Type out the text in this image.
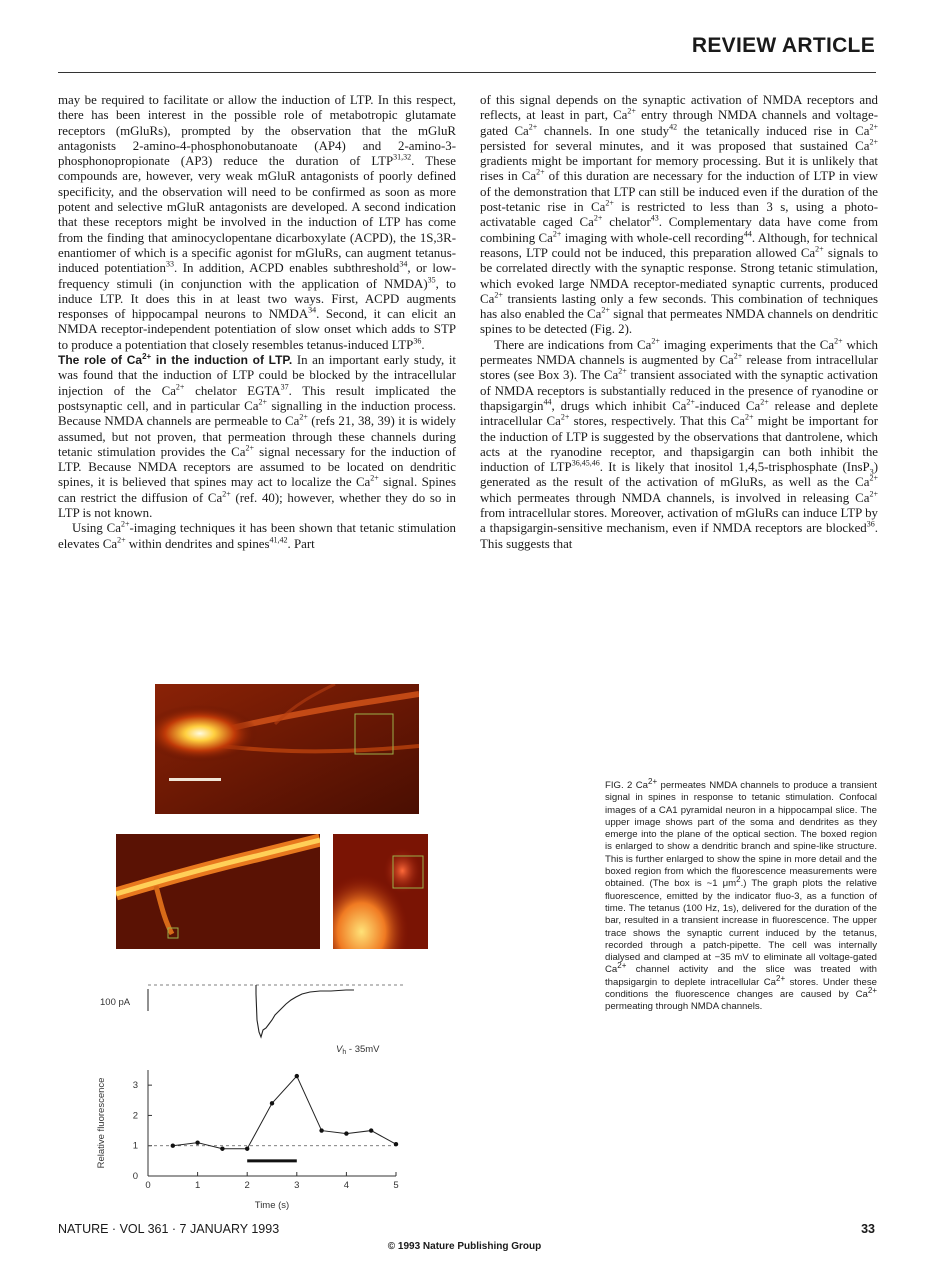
REVIEW ARTICLE

may be required to facilitate or allow the induction of LTP. In this respect, there has been interest in the possible role of metabotropic glutamate receptors (mGluRs), prompted by the observation that the mGluR antagonists 2-amino-4-phosphonobutanoate (AP4) and 2-amino-3-phosphonopropionate (AP3) reduce the duration of LTP$^{31,32}$. These compounds are, however, very weak mGluR antagonists of poorly defined specificity, and the observation will need to be confirmed as soon as more potent and selective mGluR antagonists are developed. A second indication that these receptors might be involved in the induction of LTP has come from the finding that aminocyclopentane dicarboxylate (ACPD), the 1S,3R-enantiomer of which is a specific agonist for mGluRs, can augment tetanus-induced potentiation$^{33}$. In addition, ACPD enables subthreshold$^{34}$, or low-frequency stimuli (in conjunction with the application of NMDA)$^{35}$, to induce LTP. It does this in at least two ways. First, ACPD augments responses of hippocampal neurons to NMDA$^{34}$. Second, it can elicit an NMDA receptor-independent potentiation of slow onset which adds to STP to produce a potentiation that closely resembles tetanus-induced LTP$^{36}$.

The role of $Ca^{2+}$ in the induction of LTP. In an important early study, it was found that the induction of LTP could be blocked by the intracellular injection of the $Ca^{2+}$ chelator EGTA$^{37}$. This result implicated the postsynaptic cell, and in particular $Ca^{2+}$ signalling in the induction process. Because NMDA channels are permeable to $Ca^{2+}$ (refs 21, 38, 39) it is widely assumed, but not proven, that permeation through these channels during tetanic stimulation provides the $Ca^{2+}$ signal necessary for the induction of LTP. Because NMDA receptors are assumed to be located on dendritic spines, it is believed that spines may act to localize the $Ca^{2+}$ signal. Spines can restrict the diffusion of $Ca^{2+}$ (ref. 40); however, whether they do so in LTP is not known.

Using $Ca^{2+}$-imaging techniques it has been shown that tetanic stimulation elevates $Ca^{2+}$ within dendrites and spines$^{41,42}$. Part

of this signal depends on the synaptic activation of NMDA receptors and reflects, at least in part, $Ca^{2+}$ entry through NMDA channels and voltage-gated $Ca^{2+}$ channels. In one study$^{42}$ the tetanically induced rise in $Ca^{2+}$ persisted for several minutes, and it was proposed that sustained $Ca^{2+}$ gradients might be important for memory processing. But it is unlikely that rises in $Ca^{2+}$ of this duration are necessary for the induction of LTP in view of the demonstration that LTP can still be induced even if the duration of the post-tetanic rise in $Ca^{2+}$ is restricted to less than 3 s, using a photo-activatable caged $Ca^{2+}$ chelator$^{43}$. Complementary data have come from combining $Ca^{2+}$ imaging with whole-cell recording$^{44}$. Although, for technical reasons, LTP could not be induced, this preparation allowed $Ca^{2+}$ signals to be correlated directly with the synaptic response. Strong tetanic stimulation, which evoked large NMDA receptor-mediated synaptic currents, produced $Ca^{2+}$ transients lasting only a few seconds. This combination of techniques has also enabled the $Ca^{2+}$ signal that permeates NMDA channels on dendritic spines to be detected (Fig. 2).

There are indications from $Ca^{2+}$ imaging experiments that the $Ca^{2+}$ which permeates NMDA channels is augmented by $Ca^{2+}$ release from intracellular stores (see Box 3). The $Ca^{2+}$ transient associated with the synaptic activation of NMDA receptors is substantially reduced in the presence of ryanodine or thapsigargin$^{44}$, drugs which inhibit $Ca^{2+}$-induced $Ca^{2+}$ release and deplete intracellular $Ca^{2+}$ stores, respectively. That this $Ca^{2+}$ might be important for the induction of LTP is suggested by the observations that dantrolene, which acts at the ryanodine receptor, and thapsigargin can both inhibit the induction of LTP$^{36,45,46}$. It is likely that inositol 1,4,5-trisphosphate (InsP$_3$) generated as the result of the activation of mGluRs, as well as the $Ca^{2+}$ which permeates through NMDA channels, is involved in releasing $Ca^{2+}$ from intracellular stores. Moreover, activation of mGluRs can induce LTP by a thapsigargin-sensitive mechanism, even if NMDA receptors are blocked$^{36}$. This suggests that

100 pA
$V_h - 35mV$
0	1	2	3	4	5
0
1
2
3
Time (s)
Relative fluorescence
FIG. 2 $Ca^{2+}$ permeates NMDA channels to produce a transient signal in spines in response to tetanic stimulation. Confocal images of a CA1 pyramidal neuron in a hippocampal slice. The upper image shows part of the soma and dendrites as they emerge into the plane of the optical section. The boxed region is enlarged to show a dendritic branch and spine-like structure. This is further enlarged to show the spine in more detail and the boxed region from which the fluorescence measurements were obtained. (The box is ~1 $\mu m^2$.) The graph plots the relative fluorescence, emitted by the indicator fluo-3, as a function of time. The tetanus (100 Hz, 1s), delivered for the duration of the bar, resulted in a transient increase in fluorescence. The upper trace shows the synaptic current induced by the tetanus, recorded through a patch-pipette. The cell was internally dialysed and clamped at −35 mV to eliminate all voltage-gated $Ca^{2+}$ channel activity and the slice was treated with thapsigargin to deplete intracellular $Ca^{2+}$ stores. Under these conditions the fluorescence changes are caused by $Ca^{2+}$ permeating through NMDA channels.
NATURE · VOL 361 · 7 JANUARY 1993	33
© 1993 Nature Publishing Group
